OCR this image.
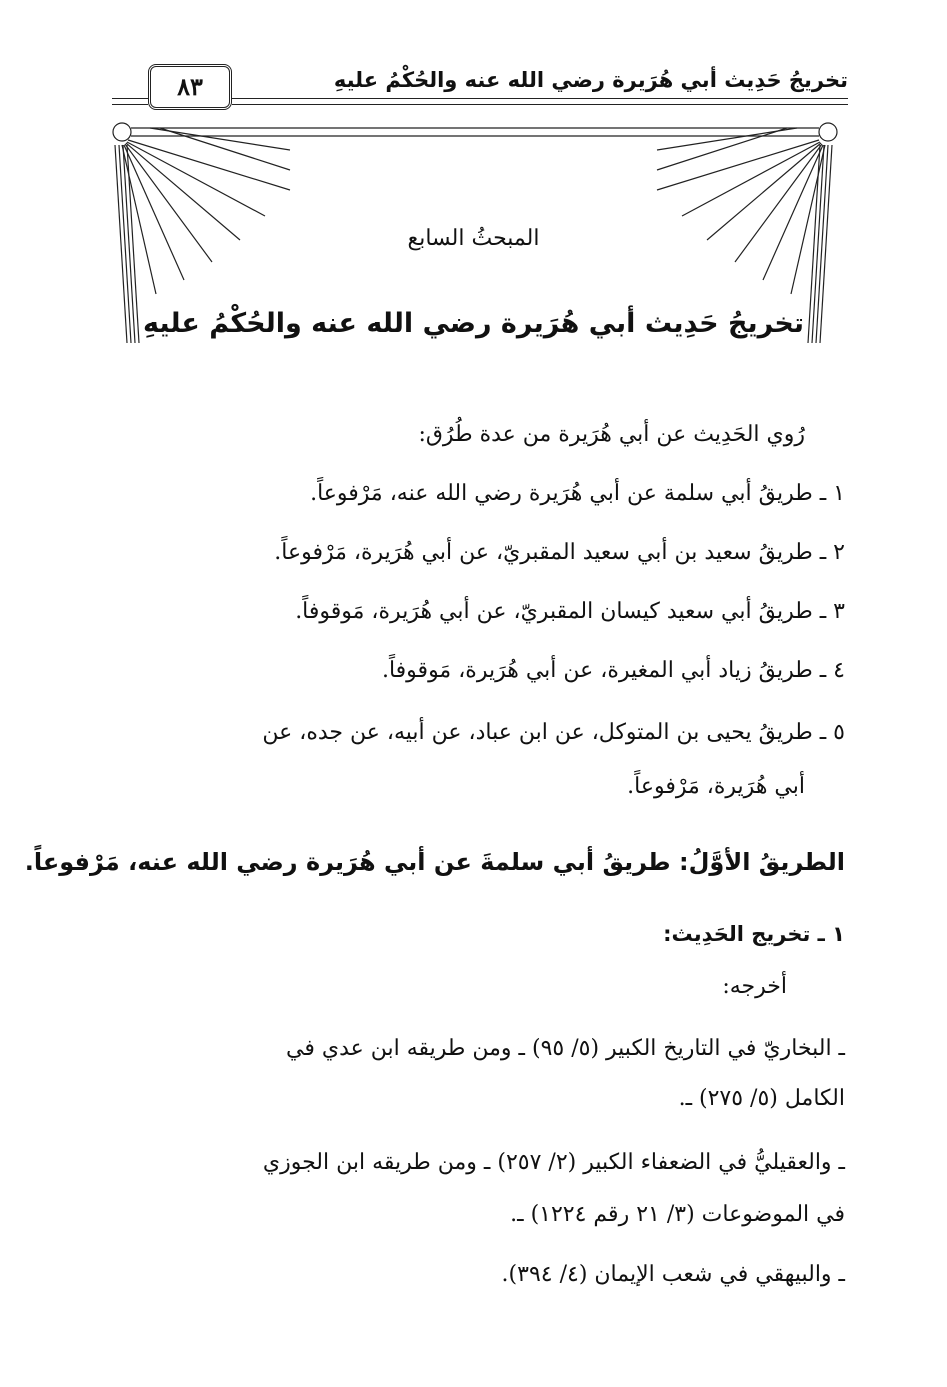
تخريجُ حَدِيث أبي هُرَيرة رضي الله عنه والحُكْمُ عليهِ
٨٣
المبحثُ السابع
تخريجُ حَدِيث أبي هُرَيرة رضي الله عنه والحُكْمُ عليهِ
رُوي الحَدِيث عن أبي هُرَيرة من عدة طُرُق:
١ ـ طريقُ أبي سلمة عن أبي هُرَيرة رضي الله عنه، مَرْفوعاً.
٢ ـ طريقُ سعيد بن أبي سعيد المقبريّ، عن أبي هُرَيرة، مَرْفوعاً.
٣ ـ طريقُ أبي سعيد كيسان المقبريّ، عن أبي هُرَيرة، مَوقوفاً.
٤ ـ طريقُ زياد أبي المغيرة، عن أبي هُرَيرة، مَوقوفاً.
٥ ـ طريقُ يحيى بن المتوكل، عن ابن عباد، عن أبيه، عن جده، عن
أبي هُرَيرة، مَرْفوعاً.
الطريقُ الأوَّلُ: طريقُ أبي سلمةَ عن أبي هُرَيرة رضي الله عنه، مَرْفوعاً.
١ ـ تخريج الحَدِيث:
أخرجه:
ـ البخاريّ في التاريخ الكبير (٥/ ٩٥) ـ ومن طريقه ابن عدي في
الكامل (٥/ ٢٧٥) ـ.
ـ والعقيليُّ في الضعفاء الكبير (٢/ ٢٥٧) ـ ومن طريقه ابن الجوزي
في الموضوعات (٣/ ٢١ رقم ١٢٢٤) ـ.
ـ والبيهقي في شعب الإيمان (٤/ ٣٩٤).
